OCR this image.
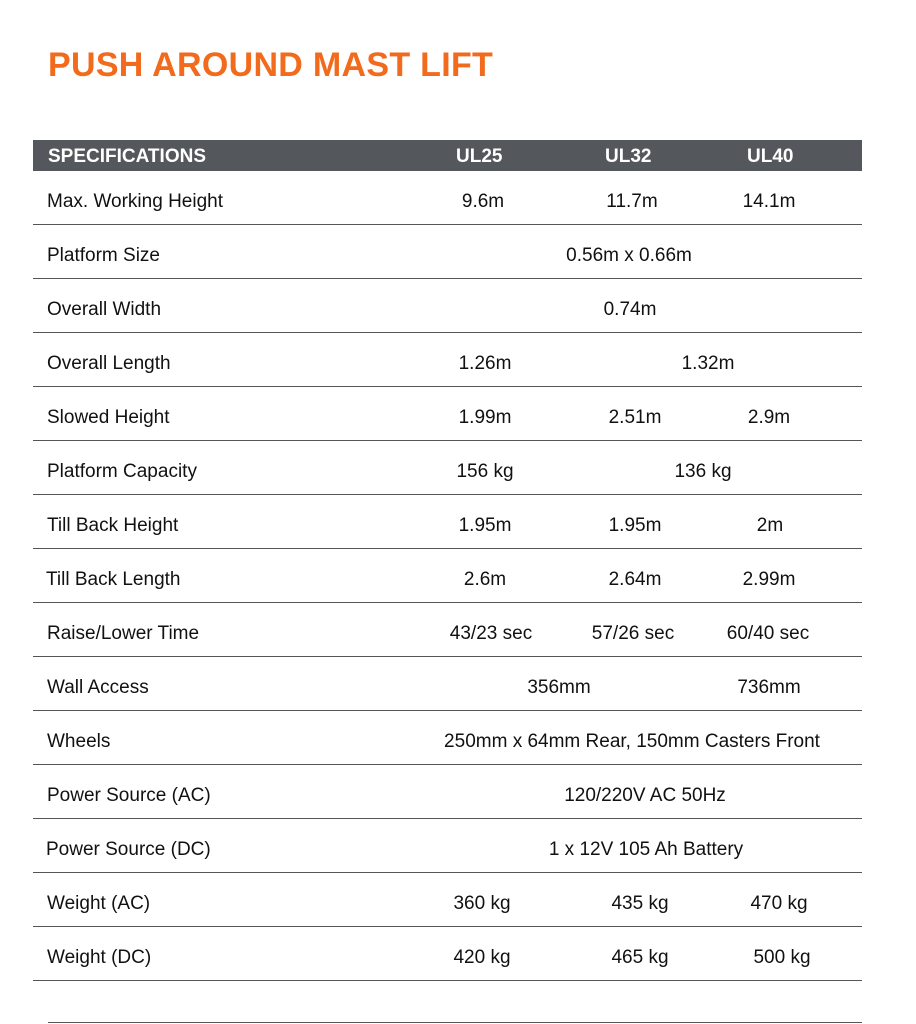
PUSH AROUND MAST LIFT
SPECIFICATIONS	UL25	UL32	UL40
Max. Working Height	9.6m	11.7m	14.1m
Platform Size	0.56m x 0.66m
Overall Width	0.74m
Overall Length	1.26m	1.32m
Slowed Height	1.99m	2.51m	2.9m
Platform Capacity	156 kg	136 kg
Till Back Height	1.95m	1.95m	2m
Till Back Length	2.6m	2.64m	2.99m
Raise/Lower Time	43/23 sec	57/26 sec	60/40 sec
Wall Access	356mm	736mm
Wheels	250mm x 64mm Rear, 150mm Casters Front
Power Source (AC)	120/220V AC 50Hz
Power Source (DC)	1 x 12V 105 Ah Battery
Weight (AC)	360 kg	435 kg	470 kg
Weight (DC)	420 kg	465 kg	500 kg
